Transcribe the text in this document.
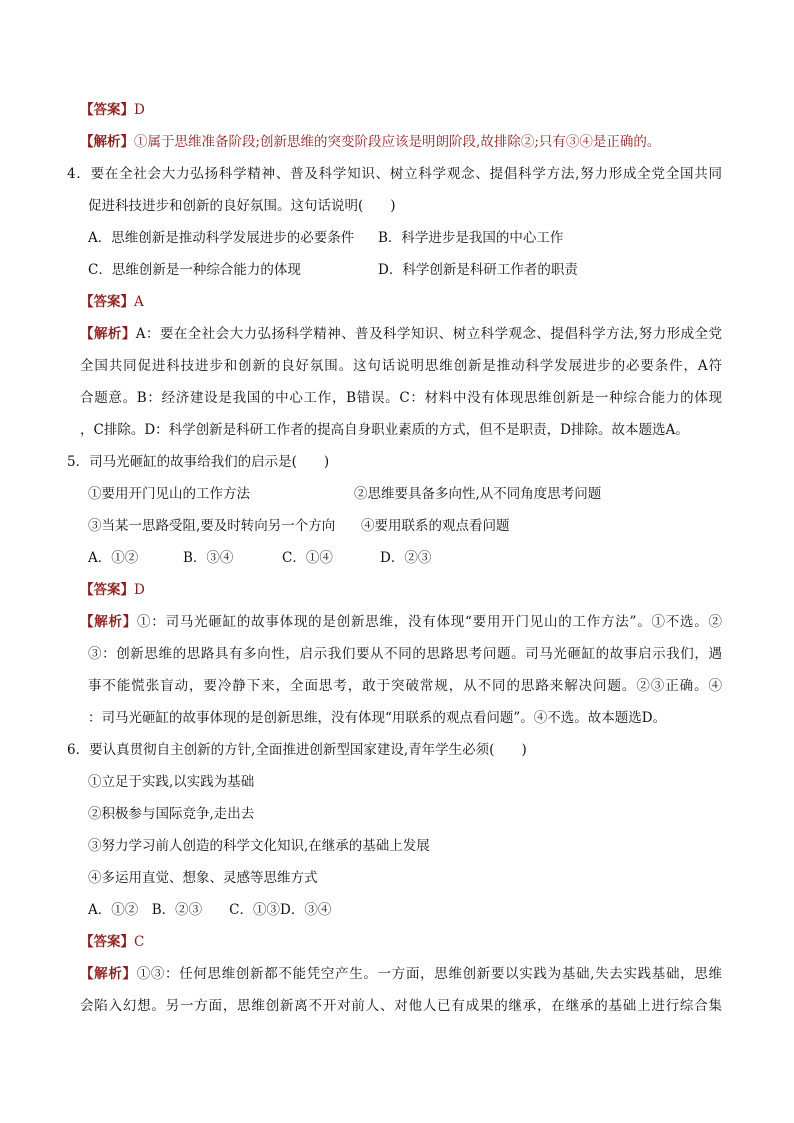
【答案】D
【解析】①属于思维准备阶段;创新思维的突变阶段应该是明朗阶段,故排除②;只有③④是正确的。
4．要在全社会大力弘扬科学精神、普及科学知识、树立科学观念、提倡科学方法,努力形成全党全国共同
促进科技进步和创新的良好氛围。这句话说明(　　)
A．思维创新是推动科学发展进步的必要条件 B．科学进步是我国的中心工作
C．思维创新是一种综合能力的体现	D．科学创新是科研工作者的职责
【答案】A
【解析】A：要在全社会大力弘扬科学精神、普及科学知识、树立科学观念、提倡科学方法,努力形成全党
全国共同促进科技进步和创新的良好氛围。这句话说明思维创新是推动科学发展进步的必要条件，A符
合题意。B：经济建设是我国的中心工作，B错误。C：材料中没有体现思维创新是一种综合能力的体现
，C排除。D：科学创新是科研工作者的提高自身职业素质的方式，但不是职责，D排除。故本题选A。
5．司马光砸缸的故事给我们的启示是(　　)
①要用开门见山的工作方法	②思维要具备多向性,从不同角度思考问题
③当某一思路受阻,要及时转向另一个方向 ④要用联系的观点看问题
A．①②	B．③④	C．①④	D．②③
【答案】D
【解析】①：司马光砸缸的故事体现的是创新思维，没有体现“要用开门见山的工作方法”。①不选。②
③：创新思维的思路具有多向性，启示我们要从不同的思路思考问题。司马光砸缸的故事启示我们，遇
事不能慌张盲动，要冷静下来，全面思考，敢于突破常规，从不同的思路来解决问题。②③正确。④
：司马光砸缸的故事体现的是创新思维，没有体现“用联系的观点看问题”。④不选。故本题选D。
6．要认真贯彻自主创新的方针,全面推进创新型国家建设,青年学生必须(　　)
①立足于实践,以实践为基础
②积极参与国际竞争,走出去
③努力学习前人创造的科学文化知识,在继承的基础上发展
④多运用直觉、想象、灵感等思维方式
A．①②　B．②③　　C．①③D．③④
【答案】C
【解析】①③：任何思维创新都不能凭空产生。一方面，思维创新要以实践为基础,失去实践基础，思维
会陷入幻想。另一方面，思维创新离不开对前人、对他人已有成果的继承，在继承的基础上进行综合集
